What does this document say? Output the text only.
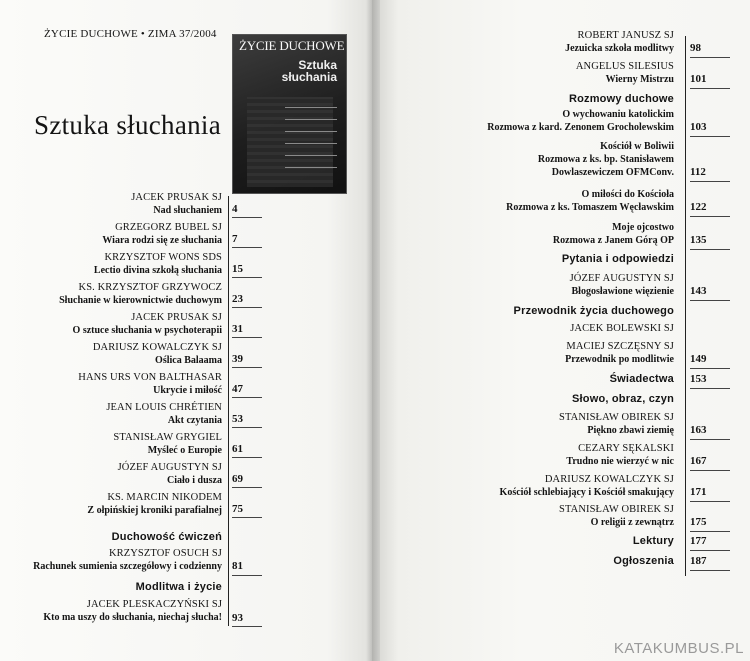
ŻYCIE DUCHOWE • ZIMA 37/2004
Sztuka słuchania
ŻYCIE DUCHOWE
Sztuka
słuchania
JACEK PRUSAK SJ
Nad słuchaniem 4
GRZEGORZ BUBEL SJ
Wiara rodzi się ze słuchania 7
KRZYSZTOF WONS SDS
Lectio divina szkołą słuchania 15
KS. KRZYSZTOF GRZYWOCZ
Słuchanie w kierownictwie duchowym 23
JACEK PRUSAK SJ
O sztuce słuchania w psychoterapii 31
DARIUSZ KOWALCZYK SJ
Oślica Balaama 39
HANS URS VON BALTHASAR
Ukrycie i miłość 47
JEAN LOUIS CHRÉTIEN
Akt czytania 53
STANISŁAW GRYGIEL
Myśleć o Europie 61
JÓZEF AUGUSTYN SJ
Ciało i dusza 69
KS. MARCIN NIKODEM
Z ołpińskiej kroniki parafialnej 75
Duchowość ćwiczeń
KRZYSZTOF OSUCH SJ
Rachunek sumienia szczegółowy i codzienny 81
Modlitwa i życie
JACEK PLESKACZYŃSKI SJ
Kto ma uszy do słuchania, niechaj słucha! 93
ROBERT JANUSZ SJ
Jezuicka szkoła modlitwy 98
ANGELUS SILESIUS
Wierny Mistrzu 101
Rozmowy duchowe
O wychowaniu katolickim
Rozmowa z kard. Zenonem Grocholewskim 103
Kościół w Boliwii
Rozmowa z ks. bp. Stanisławem
Dowlaszewiczem OFMConv. 112
O miłości do Kościoła
Rozmowa z ks. Tomaszem Węcławskim 122
Moje ojcostwo
Rozmowa z Janem Górą OP 135
Pytania i odpowiedzi
JÓZEF AUGUSTYN SJ
Błogosławione więzienie 143
Przewodnik życia duchowego
JACEK BOLEWSKI SJ
MACIEJ SZCZĘSNY SJ
Przewodnik po modlitwie 149
Świadectwa 153
Słowo, obraz, czyn
STANISŁAW OBIREK SJ
Piękno zbawi ziemię 163
CEZARY SĘKALSKI
Trudno nie wierzyć w nic 167
DARIUSZ KOWALCZYK SJ
Kościół schlebiający i Kościół smakujący 171
STANISŁAW OBIREK SJ
O religii z zewnątrz 175
Lektury 177
Ogłoszenia 187
KATAKUMBUS.PL
